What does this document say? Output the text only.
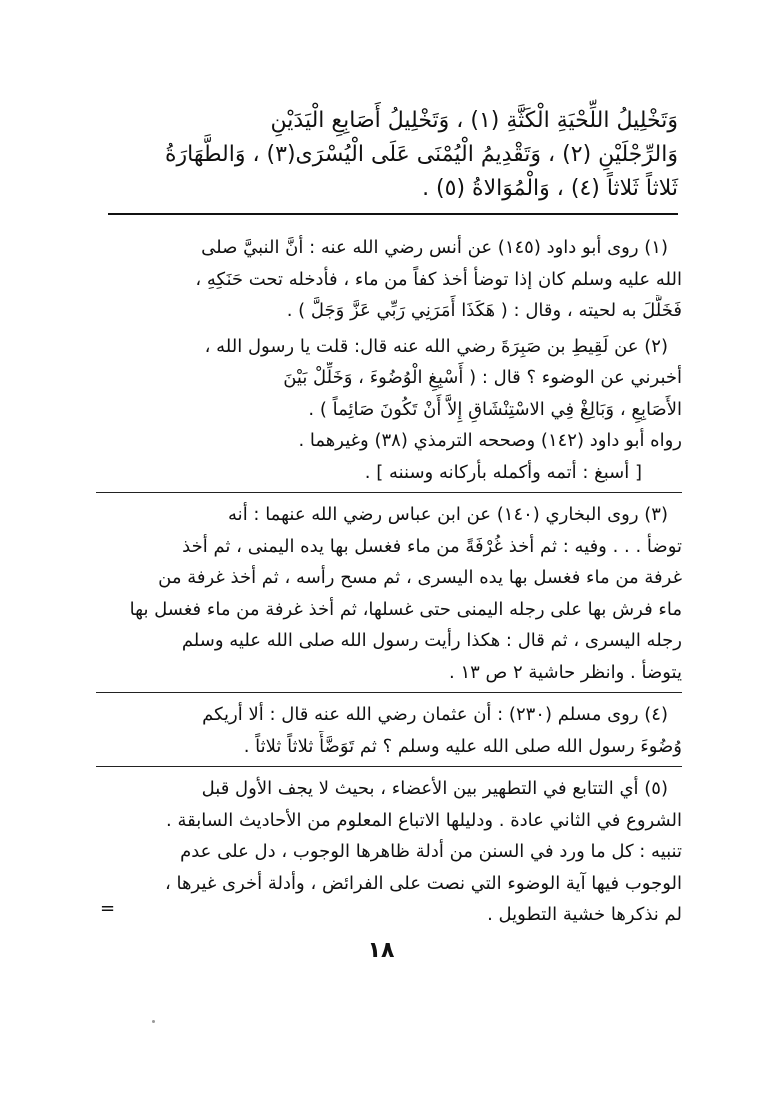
وَتَخْلِيلُ اللِّحْيَةِ الْكَثَّةِ (١) ، وَتَخْلِيلُ أَصَابِعِ الْيَدَيْنِ
وَالرِّجْلَيْنِ (٢) ، وَتَقْدِيمُ الْيُمْنَى عَلَى الْيُسْرَى(٣) ، وَالطَّهَارَةُ
ثَلاثاً ثَلاثاً (٤) ، وَالْمُوَالاةُ (٥) .
(١) روى أبو داود (١٤٥) عن أنس رضي الله عنه : أنَّ النبيَّ صلى
الله عليه وسلم كان إذا توضأ أخذ كفاً من ماء ، فأدخله تحت حَنَكِهِ ،
فَخَلَّلَ به لحيته ، وقال : ( هَكَذَا أَمَرَنِي رَبِّي عَزَّ وَجَلَّ ) .
(٢) عن لَقِيطِ بن صَبِرَةَ رضي الله عنه قال: قلت يا رسول الله ،
أخبرني عن الوضوء ؟ قال : ( أَسْبِغِ الْوُضُوءَ ، وَخَلِّلْ بَيْنَ
الأَصَابِعِ ، وَبَالِغْ فِي الاسْتِنْشَاقِ إِلاَّ أَنْ تَكُونَ صَائِماً ) .
رواه أبو داود (١٤٢) وصححه الترمذي (٣٨) وغيرهما .
[ أسبغ : أتمه وأكمله بأركانه وسننه ] .
(٣) روى البخاري (١٤٠) عن ابن عباس رضي الله عنهما : أنه
توضأ . . . وفيه : ثم أخذ غُرْفَةً من ماء فغسل بها يده اليمنى ، ثم أخذ
غرفة من ماء فغسل بها يده اليسرى ، ثم مسح رأسه ، ثم أخذ غرفة من
ماء فرش بها على رجله اليمنى حتى غسلها، ثم أخذ غرفة من ماء فغسل بها
رجله اليسرى ، ثم قال : هكذا رأيت رسول الله صلى الله عليه وسلم
يتوضأ . وانظر حاشية ٢ ص ١٣ .
(٤) روى مسلم (٢٣٠) : أن عثمان رضي الله عنه قال : ألا أريكم
وُضُوءَ رسول الله صلى الله عليه وسلم ؟ ثم تَوَضَّأَ ثلاثاً ثلاثاً .
(٥) أي التتابع في التطهير بين الأعضاء ، بحيث لا يجف الأول قبل
الشروع في الثاني عادة . ودليلها الاتباع المعلوم من الأحاديث السابقة .
تنبيه : كل ما ورد في السنن من أدلة ظاهرها الوجوب ، دل على عدم
الوجوب فيها آية الوضوء التي نصت على الفرائض ، وأدلة أخرى غيرها ،
لم نذكرها خشية التطويل .
=
١٨
